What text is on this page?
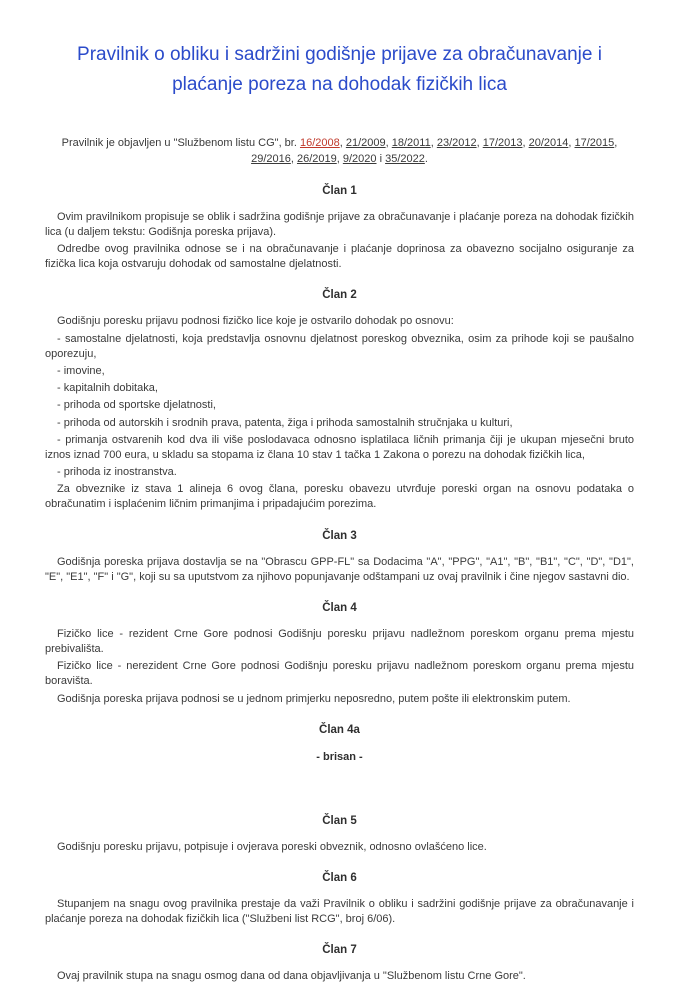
Pravilnik o obliku i sadržini godišnje prijave za obračunavanje i plaćanje poreza na dohodak fizičkih lica

Pravilnik je objavljen u "Službenom listu CG", br. 16/2008, 21/2009, 18/2011, 23/2012, 17/2013, 20/2014, 17/2015, 29/2016, 26/2019, 9/2020 i 35/2022.

Član 1

Ovim pravilnikom propisuje se oblik i sadržina godišnje prijave za obračunavanje i plaćanje poreza na dohodak fizičkih lica (u daljem tekstu: Godišnja poreska prijava).

Odredbe ovog pravilnika odnose se i na obračunavanje i plaćanje doprinosa za obavezno socijalno osiguranje za fizička lica koja ostvaruju dohodak od samostalne djelatnosti.

Član 2

Godišnju poresku prijavu podnosi fizičko lice koje je ostvarilo dohodak po osnovu:

- samostalne djelatnosti, koja predstavlja osnovnu djelatnost poreskog obveznika, osim za prihode koji se paušalno oporezuju,

- imovine,

- kapitalnih dobitaka,

- prihoda od sportske djelatnosti,

- prihoda od autorskih i srodnih prava, patenta, žiga i prihoda samostalnih stručnjaka u kulturi,

- primanja ostvarenih kod dva ili više poslodavaca odnosno isplatilaca ličnih primanja čiji je ukupan mjesečni bruto iznos iznad 700 eura, u skladu sa stopama iz člana 10 stav 1 tačka 1 Zakona o porezu na dohodak fizičkih lica,

- prihoda iz inostranstva.

Za obveznike iz stava 1 alineja 6 ovog člana, poresku obavezu utvrđuje poreski organ na osnovu podataka o obračunatim i isplaćenim ličnim primanjima i pripadajućim porezima.

Član 3

Godišnja poreska prijava dostavlja se na "Obrascu GPP-FL" sa Dodacima "A", "PPG", "A1", "B", "B1", "C", "D", "D1", "E", "E1", "F" i "G", koji su sa uputstvom za njihovo popunjavanje odštampani uz ovaj pravilnik i čine njegov sastavni dio.

Član 4

Fizičko lice - rezident Crne Gore podnosi Godišnju poresku prijavu nadležnom poreskom organu prema mjestu prebivališta.

Fizičko lice - nerezident Crne Gore podnosi Godišnju poresku prijavu nadležnom poreskom organu prema mjestu boravišta.

Godišnja poreska prijava podnosi se u jednom primjerku neposredno, putem pošte ili elektronskim putem.

Član 4a

- brisan -

Član 5

Godišnju poresku prijavu, potpisuje i ovjerava poreski obveznik, odnosno ovlašćeno lice.

Član 6

Stupanjem na snagu ovog pravilnika prestaje da važi Pravilnik o obliku i sadržini godišnje prijave za obračunavanje i plaćanje poreza na dohodak fizičkih lica ("Službeni list RCG", broj 6/06).

Član 7

Ovaj pravilnik stupa na snagu osmog dana od dana objavljivanja u "Službenom listu Crne Gore".
